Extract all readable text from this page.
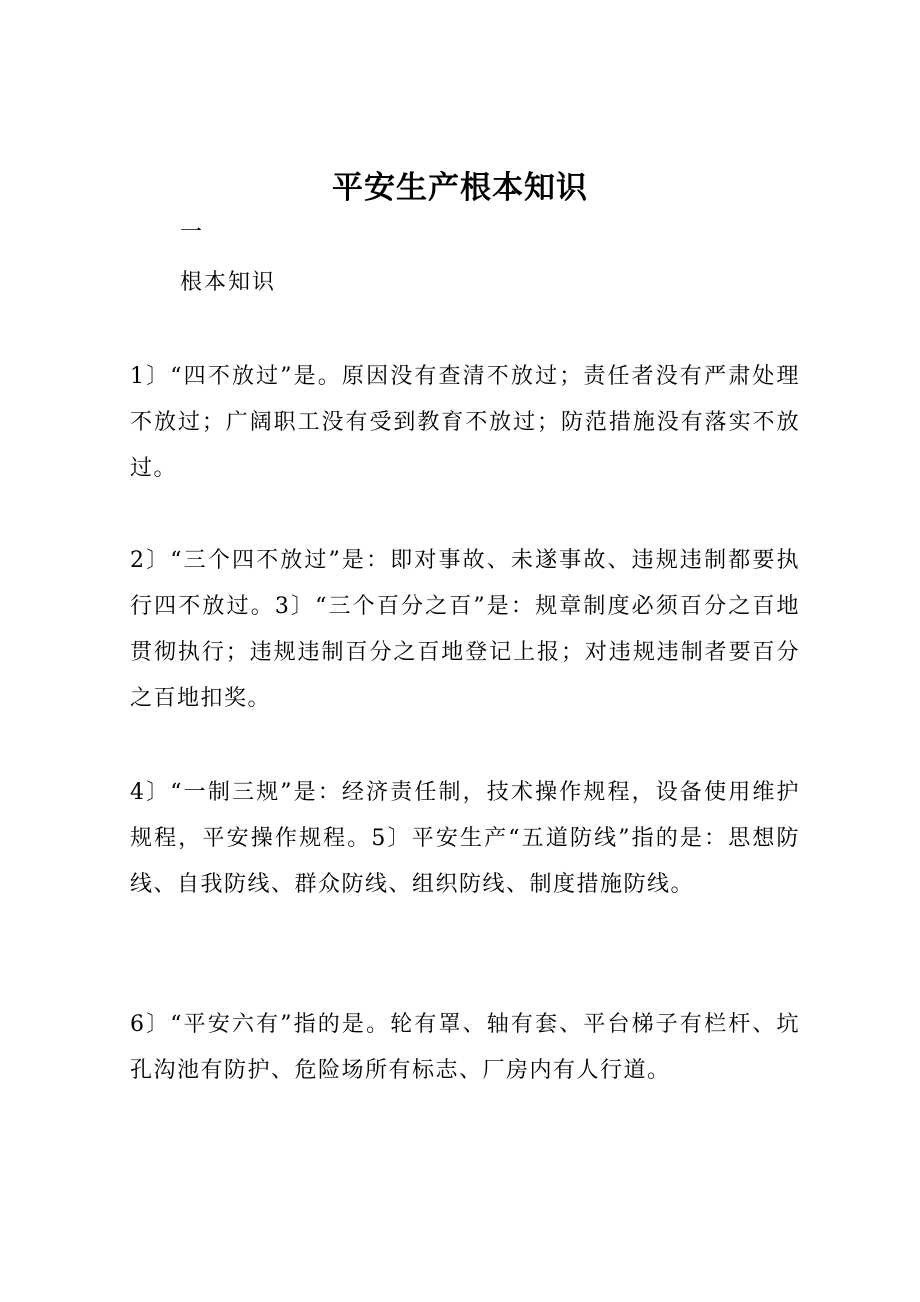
平安生产根本知识
一
根本知识
1〕“四不放过”是。原因没有查清不放过；责任者没有严肃处理不放过；广阔职工没有受到教育不放过；防范措施没有落实不放过。
2〕“三个四不放过”是：即对事故、未遂事故、违规违制都要执行四不放过。3〕“三个百分之百”是：规章制度必须百分之百地贯彻执行；违规违制百分之百地登记上报；对违规违制者要百分之百地扣奖。
4〕“一制三规”是：经济责任制，技术操作规程，设备使用维护规程，平安操作规程。5〕平安生产“五道防线”指的是：思想防线、自我防线、群众防线、组织防线、制度措施防线。
6〕“平安六有”指的是。轮有罩、轴有套、平台梯子有栏杆、坑孔沟池有防护、危险场所有标志、厂房内有人行道。
